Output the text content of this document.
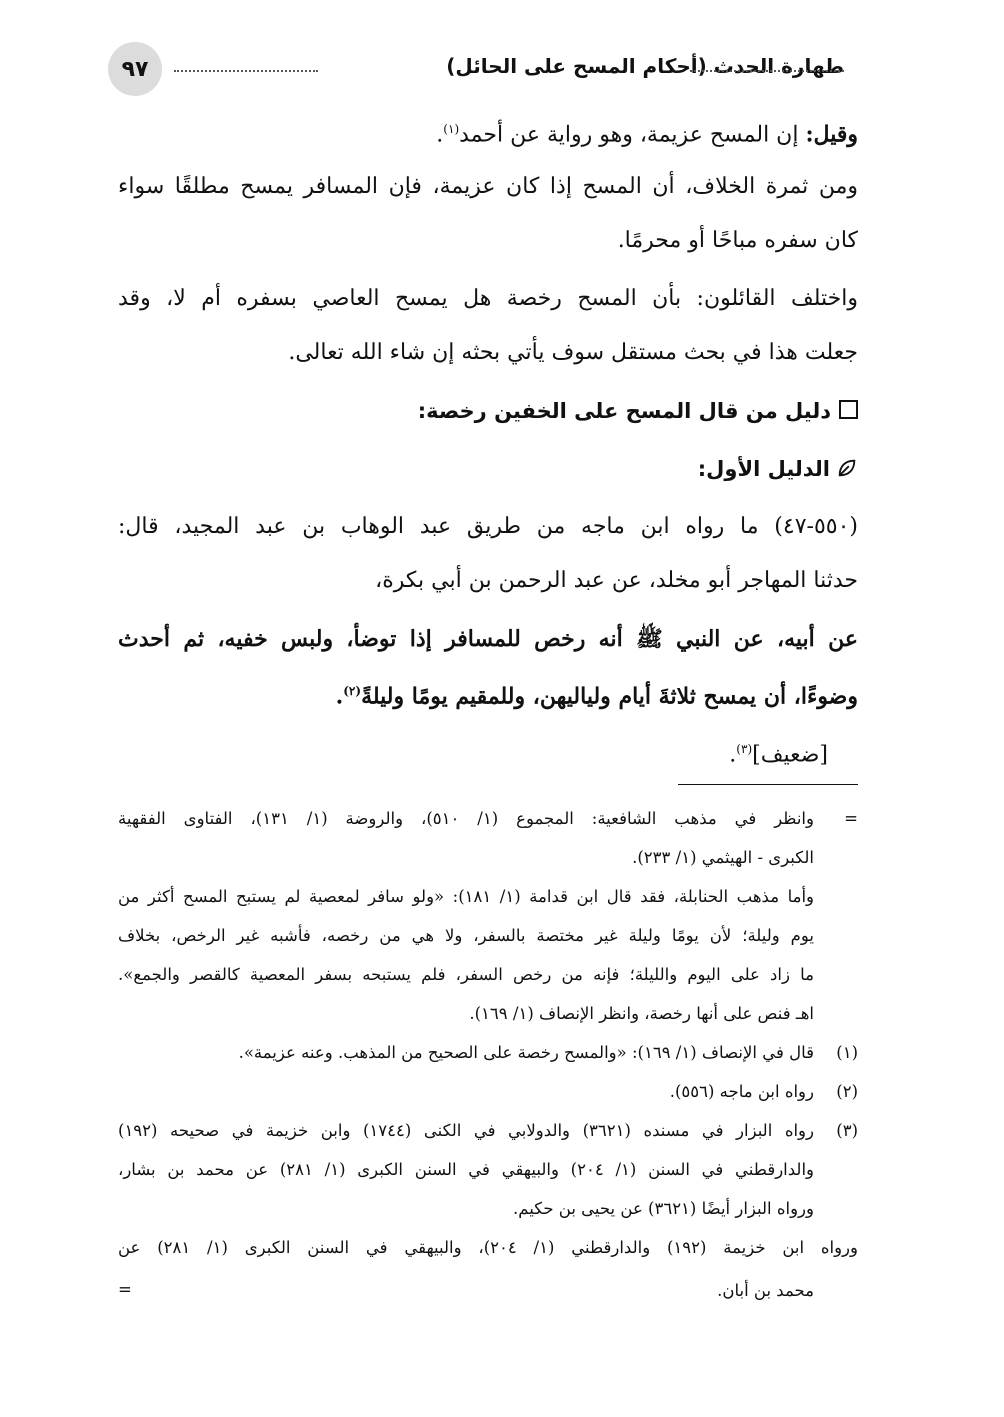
٩٧	طهارة الحدث (أحكام المسح على الحائل)
وقيل: إن المسح عزيمة، وهو رواية عن أحمد$^{(١)}$.
ومن ثمرة الخلاف، أن المسح إذا كان عزيمة، فإن المسافر يمسح مطلقًا سواء
كان سفره مباحًا أو محرمًا.
واختلف القائلون: بأن المسح رخصة هل يمسح العاصي بسفره أم لا، وقد
جعلت هذا في بحث مستقل سوف يأتي بحثه إن شاء الله تعالى.
دليل من قال المسح على الخفين رخصة:
الدليل الأول:
(٥٥٠-٤٧) ما رواه ابن ماجه من طريق عبد الوهاب بن عبد المجيد، قال:
حدثنا المهاجر أبو مخلد، عن عبد الرحمن بن أبي بكرة،
عن أبيه، عن النبي ﷺ أنه رخص للمسافر إذا توضأ، ولبس خفيه، ثم أحدث
وضوءًا، أن يمسح ثلاثةَ أيام ولياليهن، وللمقيم يومًا وليلةً$^{(٢)}$.
[ضعيف]$^{(٣)}$.
=
وانظر في مذهب الشافعية: المجموع (١/ ٥١٠)، والروضة (١/ ١٣١)، الفتاوى الفقهية
الكبرى - الهيثمي (١/ ٢٣٣).
وأما مذهب الحنابلة، فقد قال ابن قدامة (١/ ١٨١): «ولو سافر لمعصية لم يستبح المسح أكثر من
يوم وليلة؛ لأن يومًا وليلة غير مختصة بالسفر، ولا هي من رخصه، فأشبه غير الرخص، بخلاف
ما زاد على اليوم والليلة؛ فإنه من رخص السفر، فلم يستبحه بسفر المعصية كالقصر والجمع».
اهـ فنص على أنها رخصة، وانظر الإنصاف (١/ ١٦٩).
(١)
قال في الإنصاف (١/ ١٦٩): «والمسح رخصة على الصحيح من المذهب. وعنه عزيمة».
(٢)
رواه ابن ماجه (٥٥٦).
(٣)
رواه البزار في مسنده (٣٦٢١) والدولابي في الكنى (١٧٤٤) وابن خزيمة في صحيحه (١٩٢)
والدارقطني في السنن (١/ ٢٠٤) والبيهقي في السنن الكبرى (١/ ٢٨١) عن محمد بن بشار،
ورواه البزار أيضًا (٣٦٢١) عن يحيى بن حكيم.
ورواه ابن خزيمة (١٩٢) والدارقطني (١/ ٢٠٤)، والبيهقي في السنن الكبرى (١/ ٢٨١) عن
محمد بن أبان.
=
